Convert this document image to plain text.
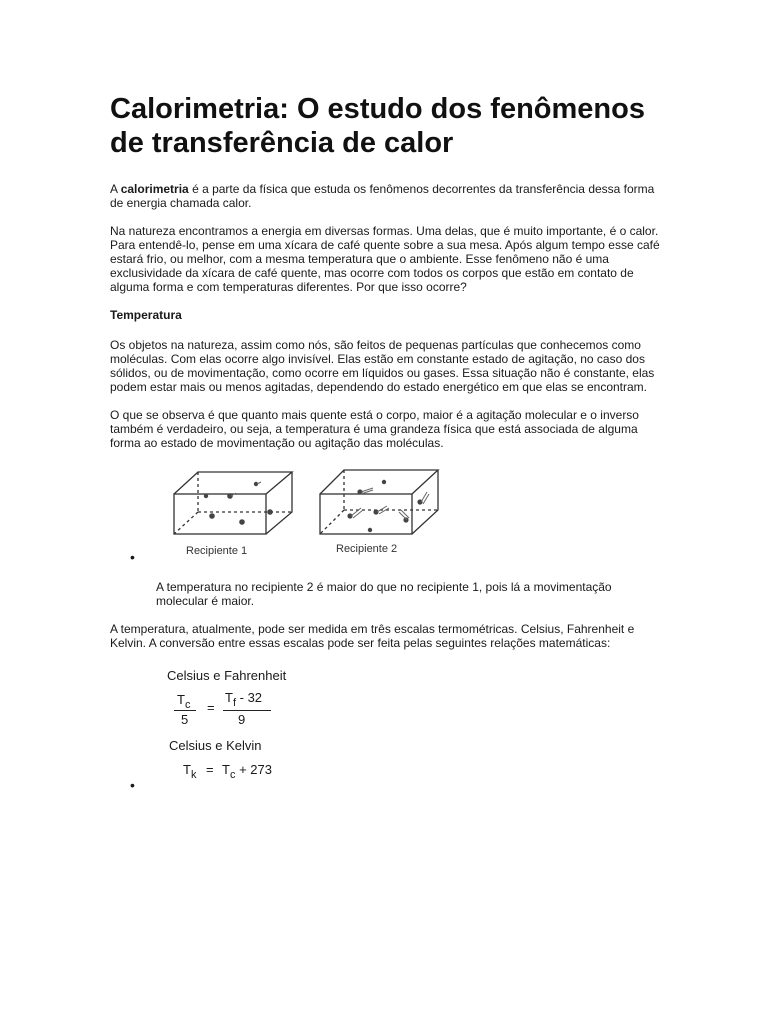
Calorimetria: O estudo dos fenômenos de transferência de calor

A calorimetria é a parte da física que estuda os fenômenos decorrentes da transferência dessa forma de energia chamada calor.

Na natureza encontramos a energia em diversas formas. Uma delas, que é muito importante, é o calor. Para entendê-lo, pense em uma xícara de café quente sobre a sua mesa. Após algum tempo esse café estará frio, ou melhor, com a mesma temperatura que o ambiente. Esse fenômeno não é uma exclusividade da xícara de café quente, mas ocorre com todos os corpos que estão em contato de alguma forma e com temperaturas diferentes. Por que isso ocorre?

Temperatura

Os objetos na natureza, assim como nós, são feitos de pequenas partículas que conhecemos como moléculas. Com elas ocorre algo invisível. Elas estão em constante estado de agitação, no caso dos sólidos, ou de movimentação, como ocorre em líquidos ou gases. Essa situação não é constante, elas podem estar mais ou menos agitadas, dependendo do estado energético em que elas se encontram.

O que se observa é que quanto mais quente está o corpo, maior é a agitação molecular e o inverso também é verdadeiro, ou seja, a temperatura é uma grandeza física que está associada de alguma forma ao estado de movimentação ou agitação das moléculas.

Recipiente 1	Recipiente 2
•

A temperatura no recipiente 2 é maior do que no recipiente 1, pois lá a movimentação molecular é maior.

A temperatura, atualmente, pode ser medida em três escalas termométricas. Celsius, Fahrenheit e Kelvin. A conversão entre essas escalas pode ser feita pelas seguintes relações matemáticas:

Celsius e Fahrenheit
$T_c$
5
=
$T_f - 32$
9
Celsius e Kelvin
$T_k = T_c + 273$
•
